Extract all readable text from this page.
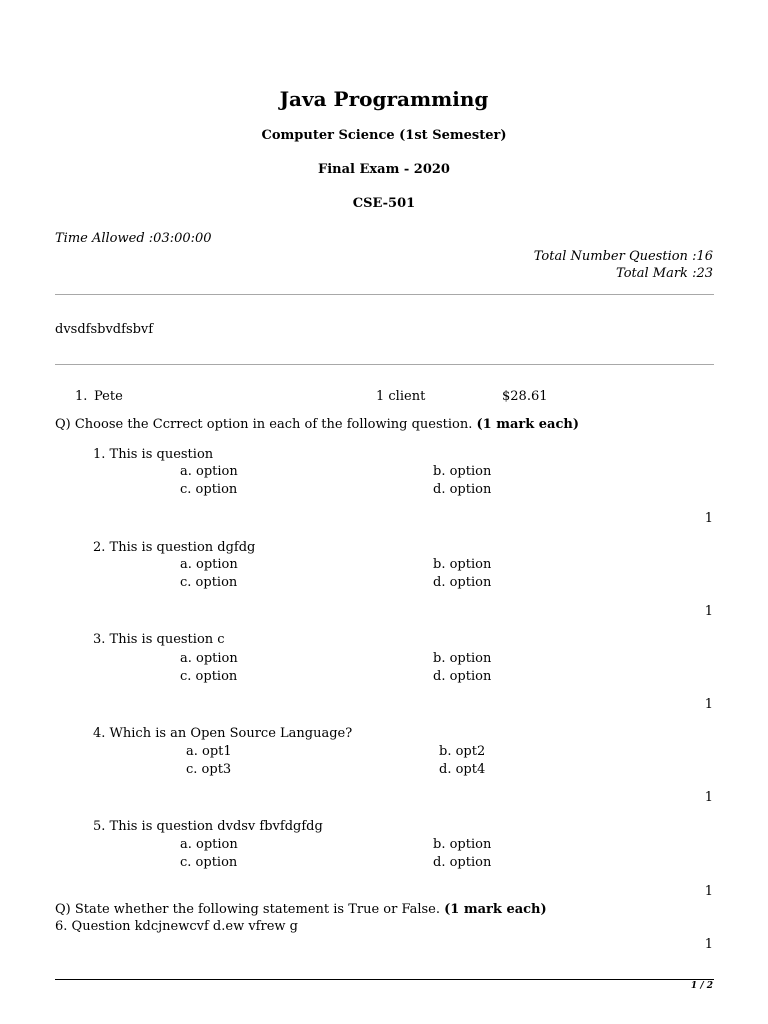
Java Programming
Computer Science (1st Semester)
Final Exam - 2020
CSE-501
Time Allowed :03:00:00
Total Number Question :16
Total Mark :23
dvsdfsbvdfsbvf
1. Pete	1 client	$28.61
Q) Choose the Ccrrect option in each of the following question. (1 mark each)
1. This is question
a. option	b. option
c. option	d. option
1
2. This is question dgfdg
a. option	b. option
c. option	d. option
1
3. This is question c
a. option	b. option
c. option	d. option
1
4. Which is an Open Source Language?
a. opt1	b. opt2
c. opt3	d. opt4
1
5. This is question dvdsv fbvfdgfdg
a. option	b. option
c. option	d. option
1
Q) State whether the following statement is True or False. (1 mark each)
6. Question kdcjnewcvf d.ew vfrew g
1
1 / 2
